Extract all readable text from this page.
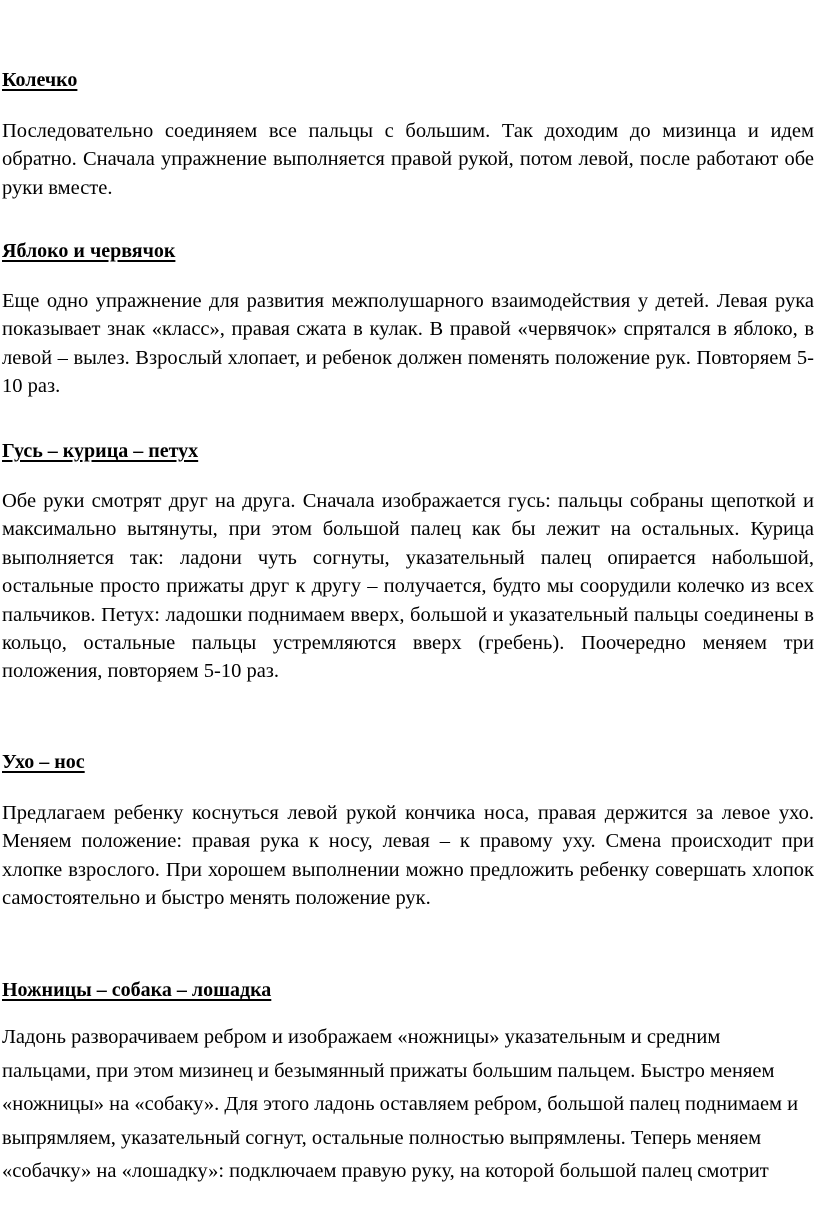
Колечко

Последовательно соединяем все пальцы с большим. Так доходим до мизинца и идем обратно. Сначала упражнение выполняется правой рукой, потом левой, после работают обе руки вместе.

Яблоко и червячок

Еще одно упражнение для развития межполушарного взаимодействия у детей. Левая рука показывает знак «класс», правая сжата в кулак. В правой «червячок» спрятался в яблоко, в левой – вылез. Взрослый хлопает, и ребенок должен поменять положение рук. Повторяем 5-10 раз.

Гусь – курица – петух

Обе руки смотрят друг на друга. Сначала изображается гусь: пальцы собраны щепоткой и максимально вытянуты, при этом большой палец как бы лежит на остальных. Курица выполняется так: ладони чуть согнуты, указательный палец опирается набольшой, остальные просто прижаты друг к другу – получается, будто мы соорудили колечко из всех пальчиков. Петух: ладошки поднимаем вверх, большой и указательный пальцы соединены в кольцо, остальные пальцы устремляются вверх (гребень). Поочередно меняем три положения, повторяем 5-10 раз.

Ухо – нос

Предлагаем ребенку коснуться левой рукой кончика носа, правая держится за левое ухо. Меняем положение: правая рука к носу, левая – к правому уху. Смена происходит при хлопке взрослого. При хорошем выполнении можно предложить ребенку совершать хлопок самостоятельно и быстро менять положение рук.

Ножницы – собака – лошадка

Ладонь разворачиваем ребром и изображаем «ножницы» указательным и средним пальцами, при этом мизинец и безымянный прижаты большим пальцем. Быстро меняем «ножницы» на «собаку». Для этого ладонь оставляем ребром, большой палец поднимаем и выпрямляем, указательный согнут, остальные полностью выпрямлены. Теперь меняем «собачку» на «лошадку»: подключаем правую руку, на которой большой палец смотрит
